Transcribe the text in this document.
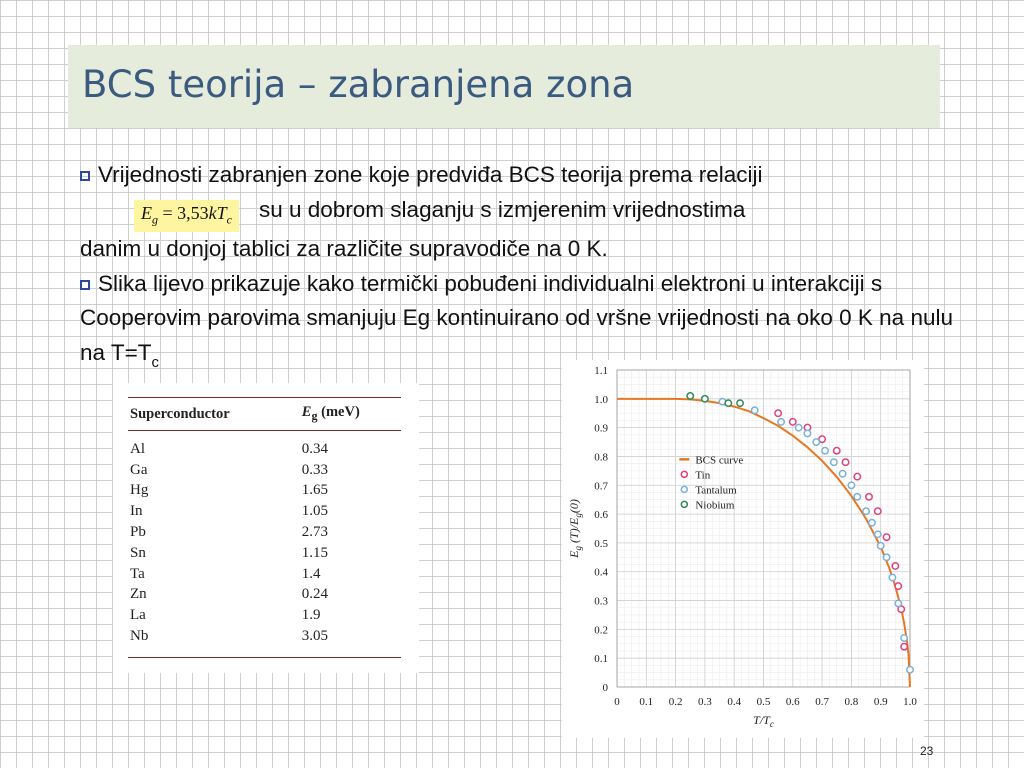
BCS teorija – zabranjena zona

Vrijednosti zabranjen zone koje predviđa BCS teorija prema relaciji
$E_g = 3,53kT_c$ su u dobrom slaganju s izmjerenim vrijednostima
danim u donjoj tablici za različite supravodiče na 0 K.

Slika lijevo prikazuje kako termički pobuđeni individualni elektroni u interakciji s Cooperovim parovima smanjuju Eg kontinuirano od vršne vrijednosti na oko 0 K na nulu na $T=T_c$

Superconductor	$E_g$ (meV)
Al	0.34
Ga	0.33
Hg	1.65
In	1.05
Pb	2.73
Sn	1.15
Ta	1.4
Zn	0.24
La	1.9
Nb	3.05
0 0.1 0.2 0.3 0.4 0.5 0.6 0.7 0.8 0.9 1.0
0
0.1
0.2
0.3
0.4
0.5
0.6
0.7
0.8
0.9
1.0
1.1
BCS curve
Tin
Tantalum
Niobium
$T/T_c$
$E_g$ $(T)/E_g(0)$
23
